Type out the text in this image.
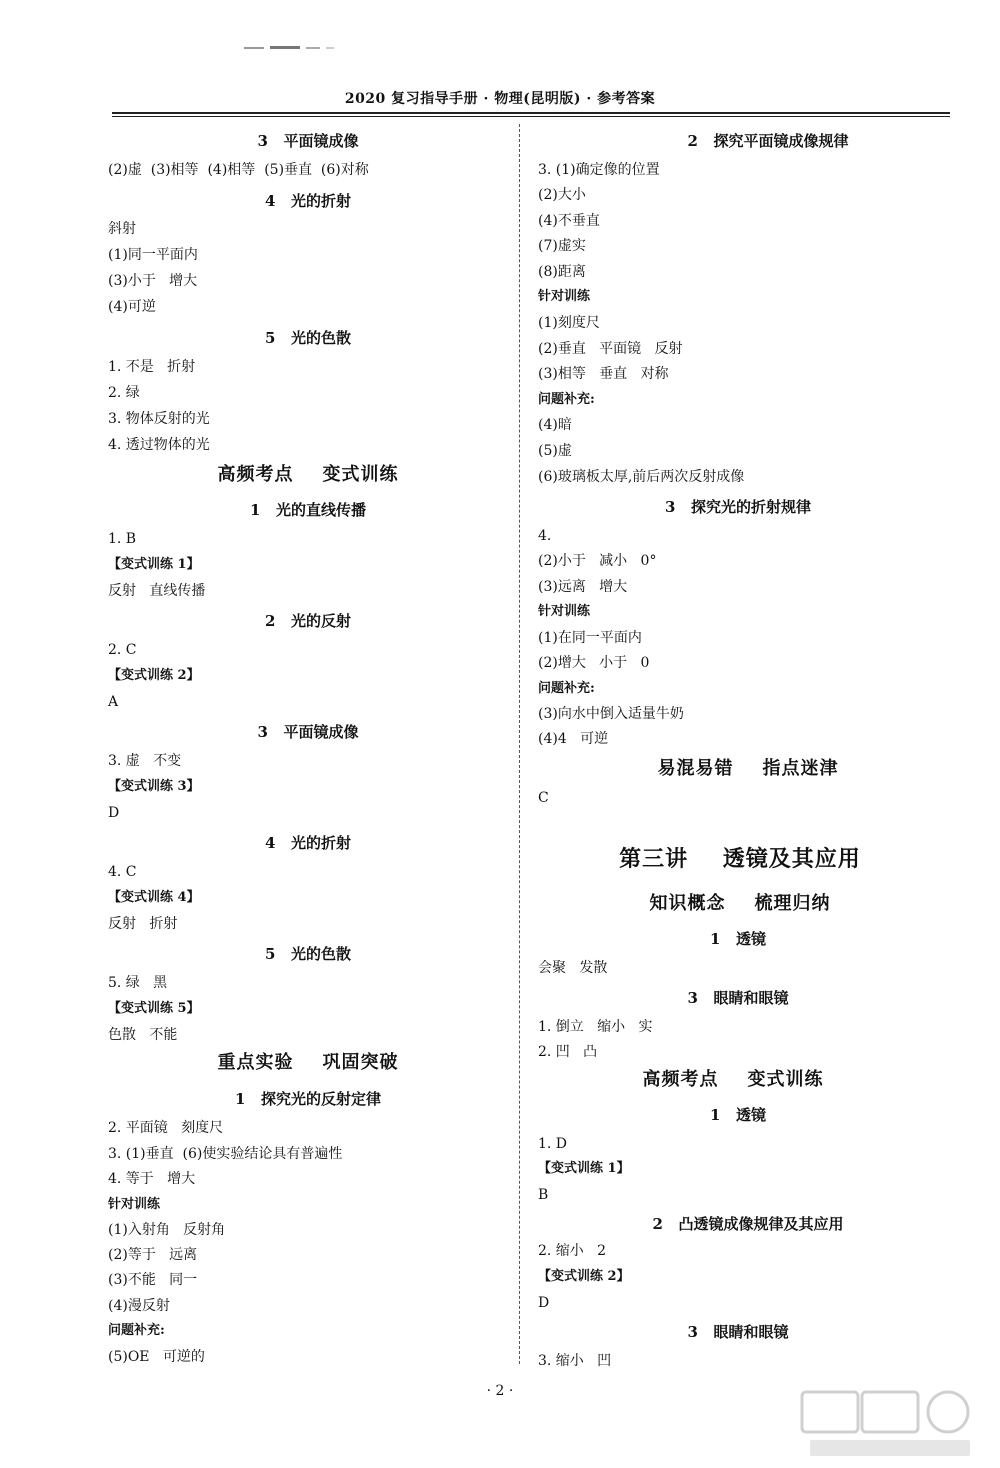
2020 复习指导手册 · 物理(昆明版) · 参考答案

3   平面镜成像
(2)虚  (3)相等  (4)相等  (5)垂直  (6)对称
4   光的折射
斜射
(1)同一平面内
(3)小于   增大
(4)可逆
5   光的色散
1. 不是   折射
2. 绿
3. 物体反射的光
4. 透过物体的光
高频考点    变式训练
1   光的直线传播
1. B
【变式训练 1】
反射   直线传播
2   光的反射
2. C
【变式训练 2】
A
3   平面镜成像
3. 虚   不变
【变式训练 3】
D
4   光的折射
4. C
【变式训练 4】
反射   折射
5   光的色散
5. 绿   黑
【变式训练 5】
色散   不能
重点实验    巩固突破
1   探究光的反射定律
2. 平面镜   刻度尺
3. (1)垂直  (6)使实验结论具有普遍性
4. 等于   增大
针对训练
(1)入射角   反射角
(2)等于   远离
(3)不能   同一
(4)漫反射
问题补充:
(5)OE   可逆的
2   探究平面镜成像规律
3. (1)确定像的位置
(2)大小
(4)不垂直
(7)虚实
(8)距离
针对训练
(1)刻度尺
(2)垂直   平面镜   反射
(3)相等   垂直   对称
问题补充:
(4)暗
(5)虚
(6)玻璃板太厚,前后两次反射成像
3   探究光的折射规律
4.
(2)小于   减小   0°
(3)远离   增大
针对训练
(1)在同一平面内
(2)增大   小于   0
问题补充:
(3)向水中倒入适量牛奶
(4)4   可逆
易混易错    指点迷津
C
第三讲    透镜及其应用
知识概念    梳理归纳
1   透镜
会聚   发散
3   眼睛和眼镜
1. 倒立   缩小   实
2. 凹   凸
高频考点    变式训练
1   透镜
1. D
【变式训练 1】
B
2   凸透镜成像规律及其应用
2. 缩小   2
【变式训练 2】
D
3   眼睛和眼镜
3. 缩小   凹
· 2 ·
